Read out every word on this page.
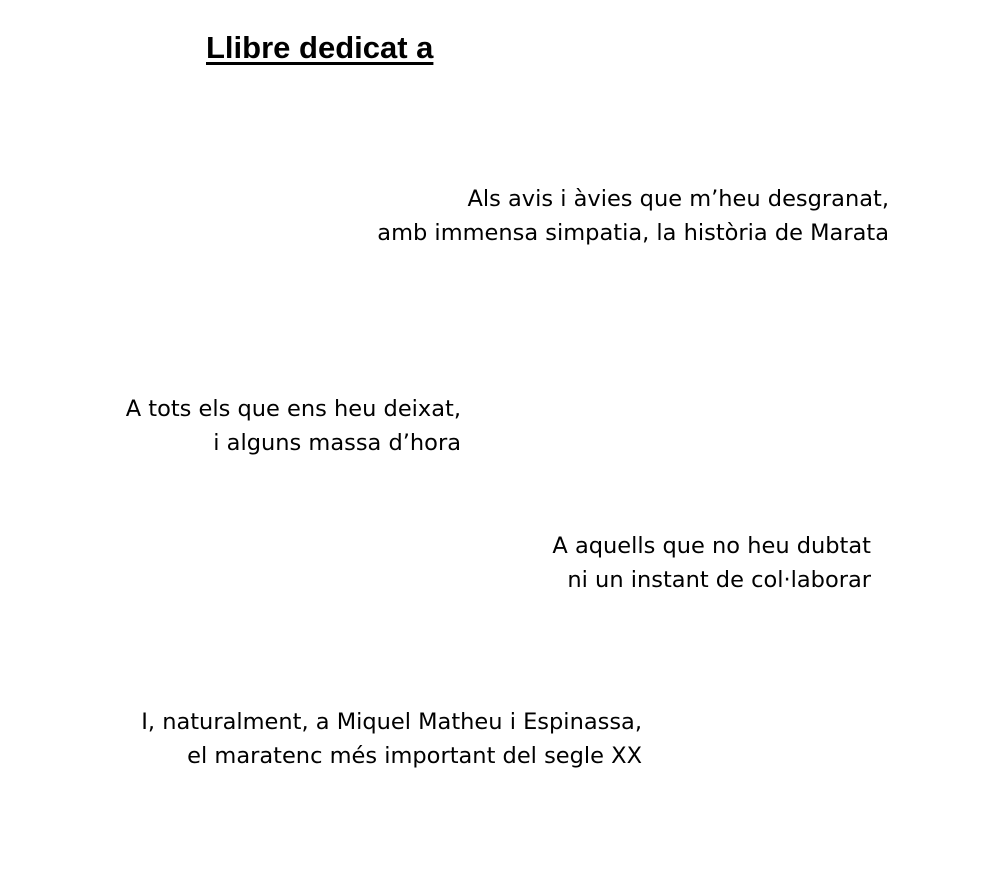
Llibre dedicat a
Als avis i àvies que m’heu desgranat,
amb immensa simpatia, la història de Marata
A tots els que ens heu deixat,
i alguns massa d’hora
A aquells que no heu dubtat
ni un instant de col·laborar
I, naturalment, a Miquel Matheu i Espinassa,
el maratenc més important del segle XX
